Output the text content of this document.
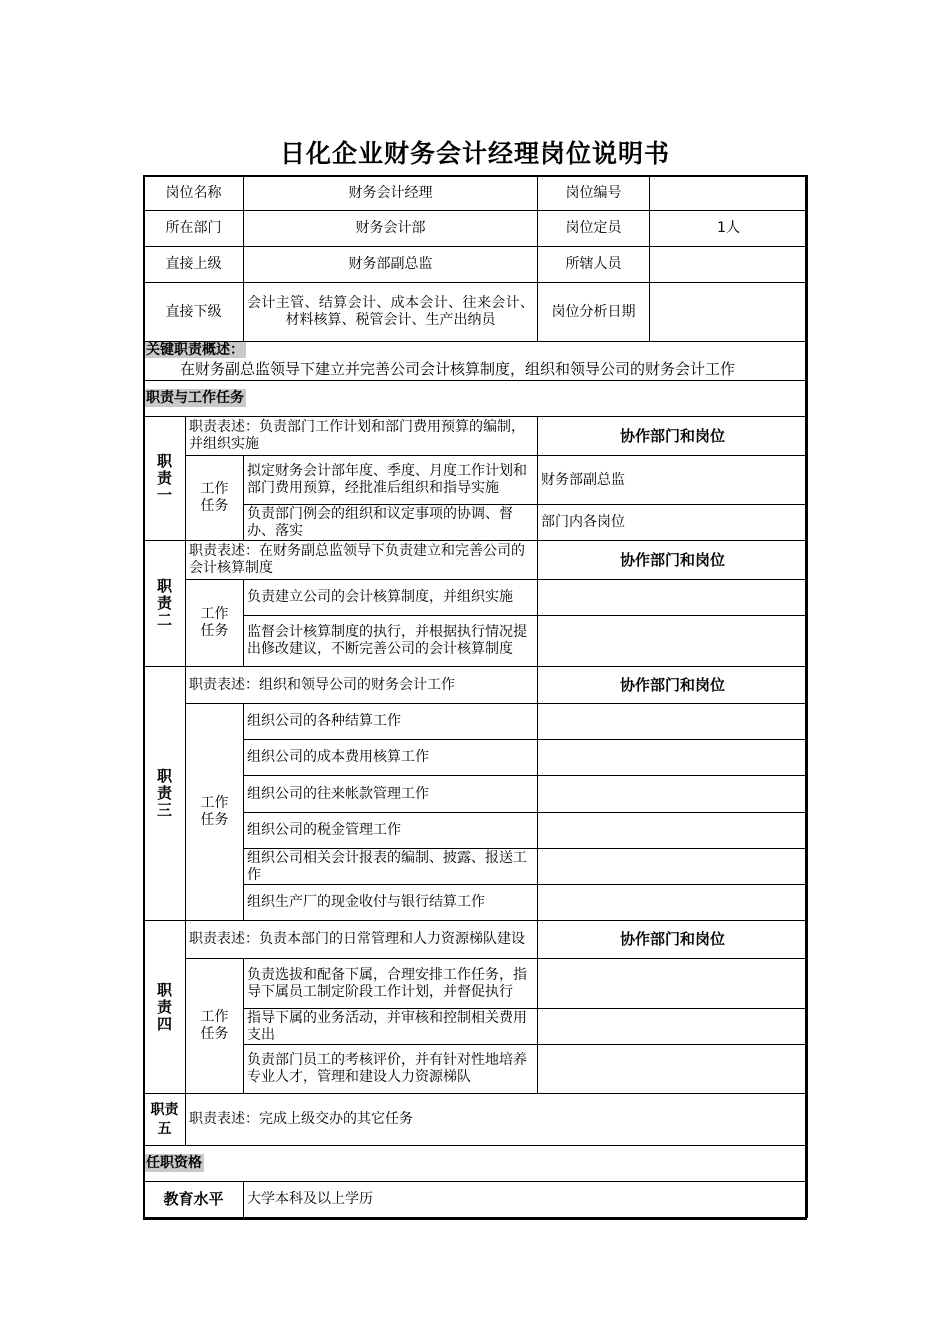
日化企业财务会计经理岗位说明书
岗位名称		财务会计经理	岗位编号	
所在部门		财务会计部	岗位定员	1人
直接上级		财务部副总监	所辖人员	
直接下级		会计主管、结算会计、成本会计、往来会计、材料核算、税管会计、生产出纳员	岗位分析日期	
关键职责概述：				
在财务副总监领导下建立并完善公司会计核算制度，组织和领导公司的财务会计工作				
职责与工作任务				
职责一	职责表述：负责部门工作计划和部门费用预算的编制，并组织实施		协作部门和岗位	
	工作任务	拟定财务会计部年度、季度、月度工作计划和部门费用预算，经批准后组织和指导实施	财务部副总监	
		负责部门例会的组织和议定事项的协调、督办、落实	部门内各岗位	
职责二	职责表述：在财务副总监领导下负责建立和完善公司的会计核算制度		协作部门和岗位	
	工作任务	负责建立公司的会计核算制度，并组织实施		
		监督会计核算制度的执行，并根据执行情况提出修改建议，不断完善公司的会计核算制度		
职责三	职责表述：组织和领导公司的财务会计工作		协作部门和岗位	
	工作任务	组织公司的各种结算工作		
		组织公司的成本费用核算工作		
		组织公司的往来帐款管理工作		
		组织公司的税金管理工作		
		组织公司相关会计报表的编制、披露、报送工作		
		组织生产厂的现金收付与银行结算工作		
职责四	职责表述：负责本部门的日常管理和人力资源梯队建设		协作部门和岗位	
	工作任务	负责选拔和配备下属，合理安排工作任务，指导下属员工制定阶段工作计划，并督促执行		
		指导下属的业务活动，并审核和控制相关费用支出		
		负责部门员工的考核评价，并有针对性地培养专业人才，管理和建设人力资源梯队		
职责五	职责表述：完成上级交办的其它任务			
任职资格				
教育水平		大学本科及以上学历		
